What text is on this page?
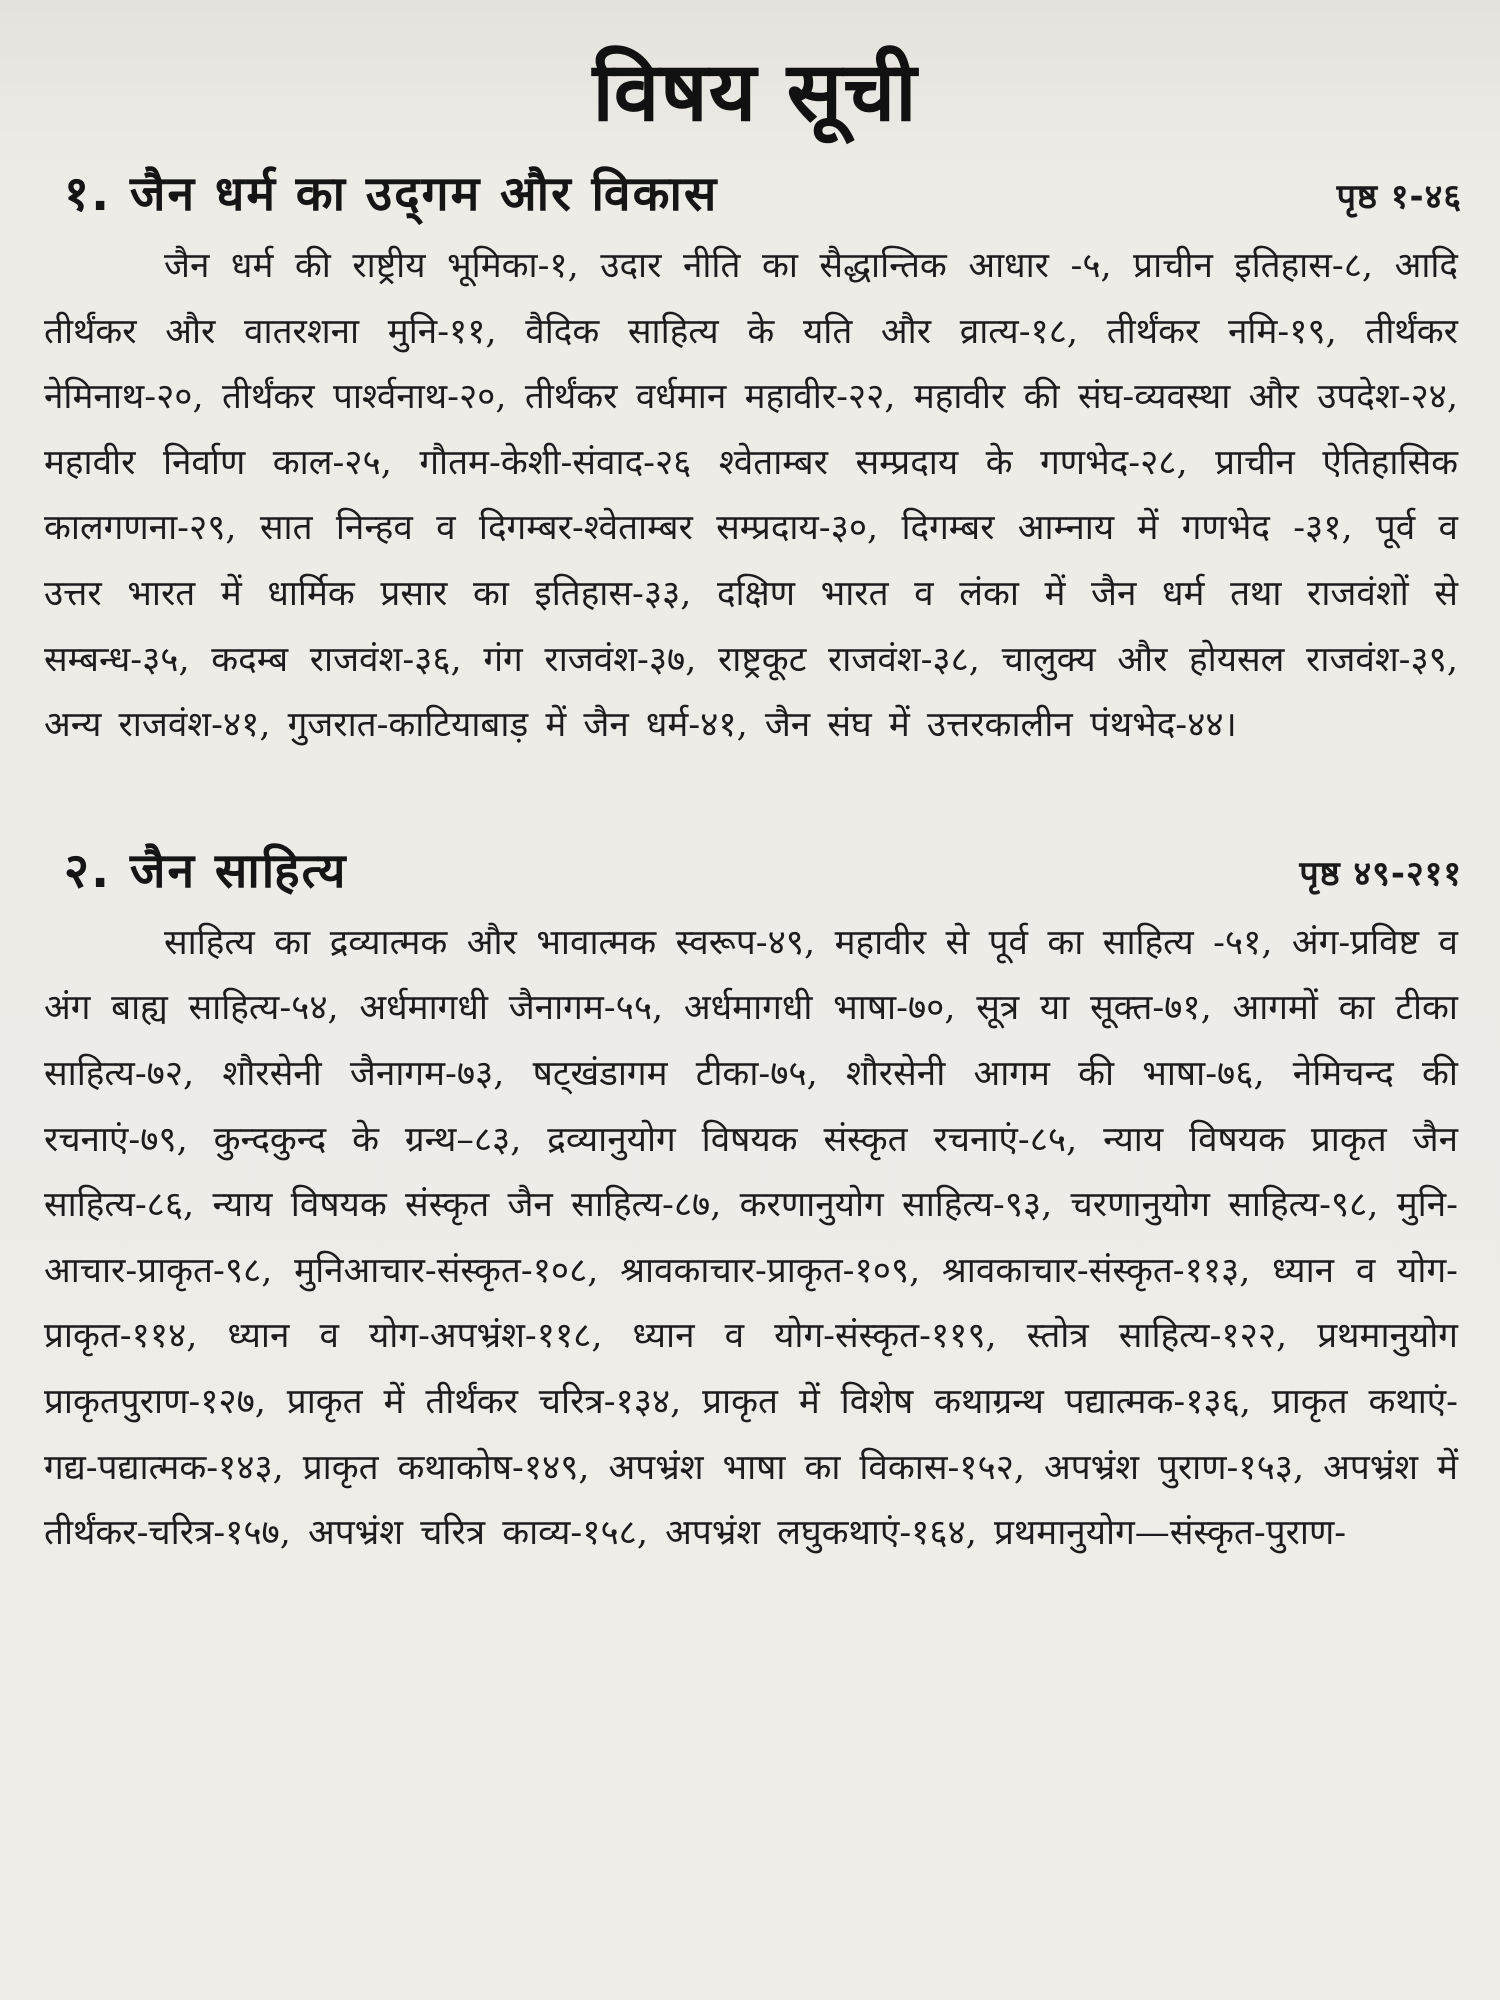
विषय सूची
१. जैन धर्म का उद्‌गम और विकास	पृष्ठ १-४६

जैन धर्म की राष्ट्रीय भूमिका-१, उदार नीति का सैद्धान्तिक आधार -५, प्राचीन इतिहास-८, आदि तीर्थंकर और वातरशना मुनि-११, वैदिक साहित्य के यति और व्रात्य-१८, तीर्थंकर नमि-१९, तीर्थंकर नेमिनाथ-२०, तीर्थंकर पार्श्वनाथ-२०, तीर्थंकर वर्धमान महावीर-२२, महावीर की संघ-व्यवस्था और उपदेश-२४, महावीर निर्वाण काल-२५, गौतम-केशी-संवाद-२६ श्वेताम्बर सम्प्रदाय के गणभेद-२८, प्राचीन ऐतिहासिक कालगणना-२९, सात निन्हव व दिगम्बर-श्वेताम्बर सम्प्रदाय-३०, दिगम्बर आम्नाय में गणभेद -३१, पूर्व व उत्तर भारत में धार्मिक प्रसार का इतिहास-३३, दक्षिण भारत व लंका में जैन धर्म तथा राजवंशों से सम्बन्ध-३५, कदम्ब राजवंश-३६, गंग राजवंश-३७, राष्ट्रकूट राजवंश-३८, चालुक्य और होयसल राजवंश-३९, अन्य राजवंश-४१, गुजरात-काटियाबाड़ में जैन धर्म-४१, जैन संघ में उत्तरकालीन पंथभेद-४४।

२. जैन साहित्य	पृष्ठ ४९-२११

साहित्य का द्रव्यात्मक और भावात्मक स्वरूप-४९, महावीर से पूर्व का साहित्य -५१, अंग-प्रविष्ट व अंग बाह्य साहित्य-५४, अर्धमागधी जैनागम-५५, अर्धमागधी भाषा-७०, सूत्र या सूक्त-७१, आगमों का टीका साहित्य-७२, शौरसेनी जैनागम-७३, षट्खंडागम टीका-७५, शौरसेनी आगम की भाषा-७६, नेमिचन्द की रचनाएं-७९, कुन्दकुन्द के ग्रन्थ–८३, द्रव्यानुयोग विषयक संस्कृत रचनाएं-८५, न्याय विषयक प्राकृत जैन साहित्य-८६, न्याय विषयक संस्कृत जैन साहित्य-८७, करणानुयोग साहित्य-९३, चरणानुयोग साहित्य-९८, मुनि-आचार-प्राकृत-९८, मुनिआचार-संस्कृत-१०८, श्रावकाचार-प्राकृत-१०९, श्रावकाचार-संस्कृत-११३, ध्यान व योग-प्राकृत-११४, ध्यान व योग-अपभ्रंश-११८, ध्यान व योग-संस्कृत-११९, स्तोत्र साहित्य-१२२, प्रथमानुयोग प्राकृतपुराण-१२७, प्राकृत में तीर्थंकर चरित्र-१३४, प्राकृत में विशेष कथाग्रन्थ पद्यात्मक-१३६, प्राकृत कथाएं-गद्य-पद्यात्मक-१४३, प्राकृत कथाकोष-१४९, अपभ्रंश भाषा का विकास-१५२, अपभ्रंश पुराण-१५३, अपभ्रंश में तीर्थंकर-चरित्र-१५७, अपभ्रंश चरित्र काव्य-१५८, अपभ्रंश लघुकथाएं-१६४, प्रथमानुयोग—संस्कृत-पुराण-
